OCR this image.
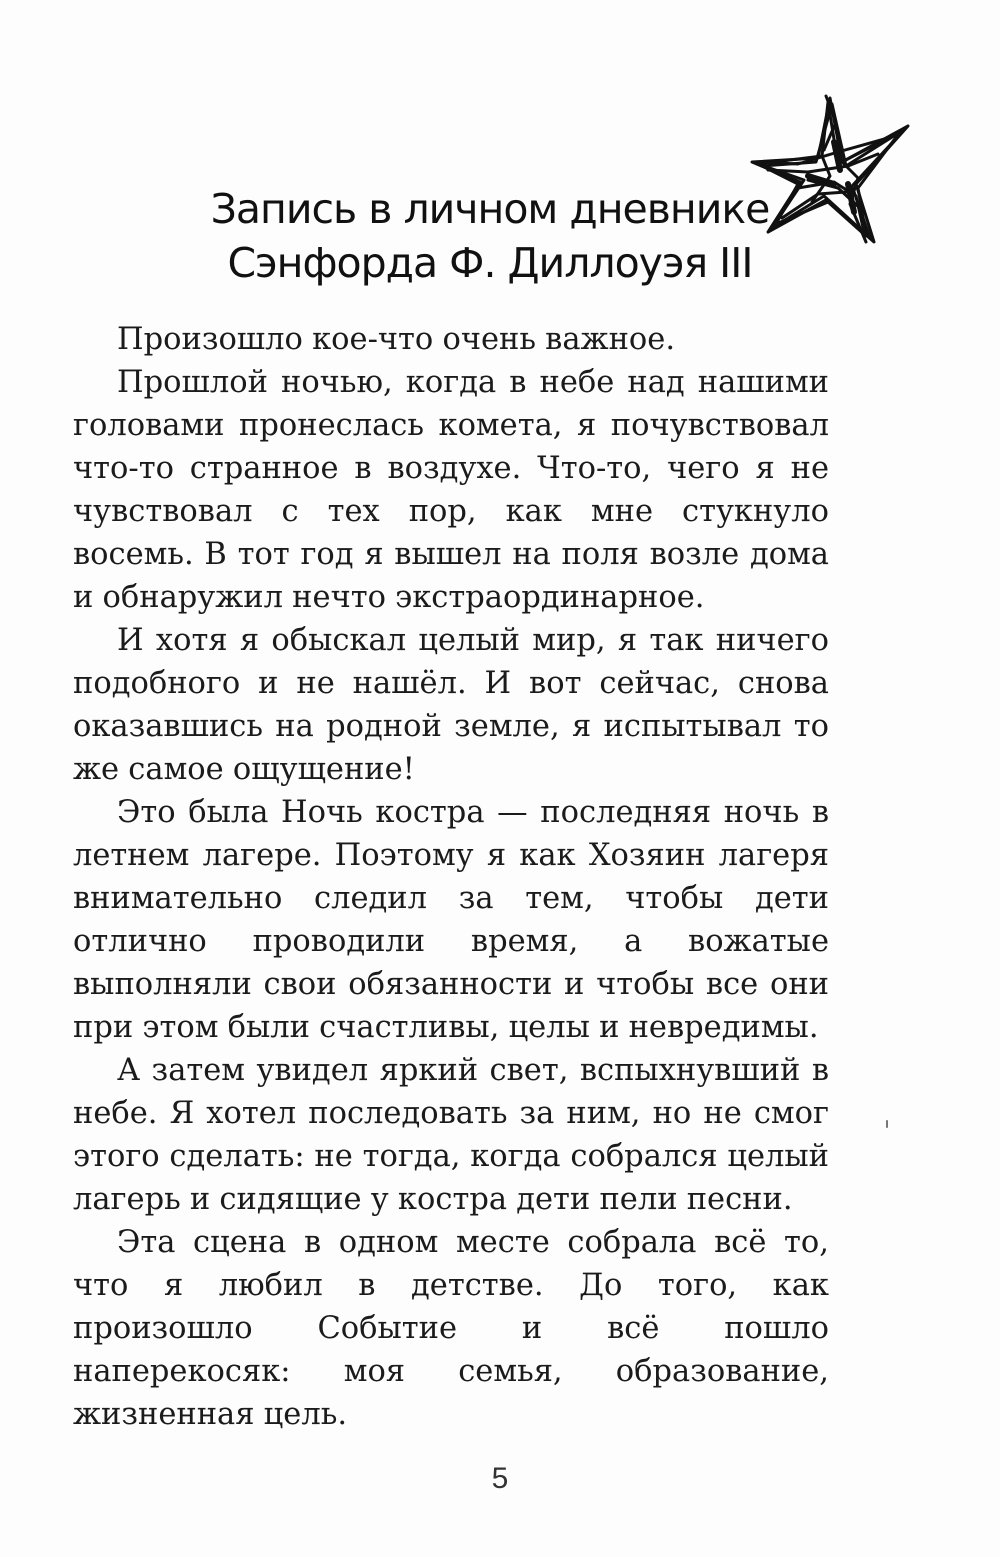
Запись в личном дневнике
Сэнфорда Ф. Диллоуэя III

Произошло кое-что очень важное.

Прошлой ночью, когда в небе над нашими головами пронеслась комета, я почувствовал что-то странное в воздухе. Что-то, чего я не чувствовал с тех пор, как мне стукнуло восемь. В тот год я вышел на поля возле дома и обнаружил нечто экстраординарное.

И хотя я обыскал целый мир, я так ничего подобного и не нашёл. И вот сейчас, снова оказавшись на родной земле, я испытывал то же самое ощущение!

Это была Ночь костра — последняя ночь в летнем лагере. Поэтому я как Хозяин лагеря внимательно следил за тем, чтобы дети отлично проводили время, а вожатые выполняли свои обязанности и чтобы все они при этом были счастливы, целы и невредимы.

А затем увидел яркий свет, вспыхнувший в небе. Я хотел последовать за ним, но не смог этого сделать: не тогда, когда собрался целый лагерь и сидящие у костра дети пели песни.

Эта сцена в одном месте собрала всё то, что я любил в детстве. До того, как произошло Событие и всё пошло наперекосяк: моя семья, образование, жизненная цель.

5
